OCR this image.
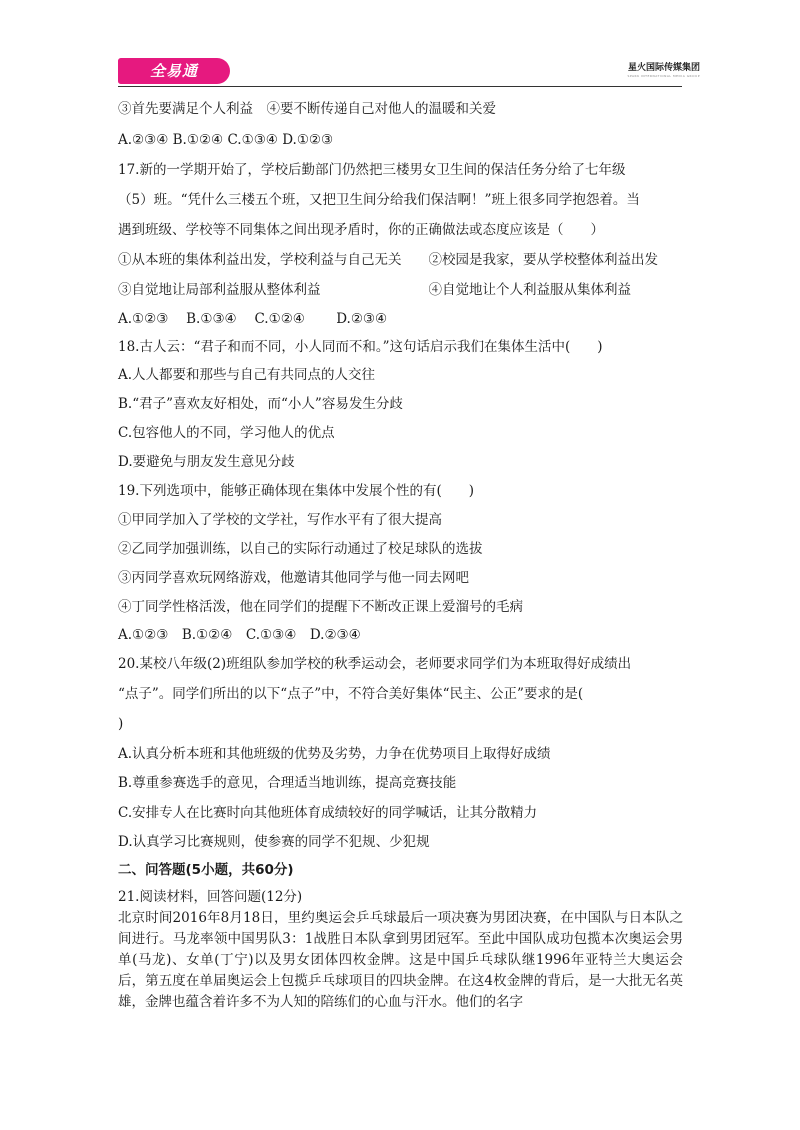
全易通	星火国际传媒集团
SPARK INTERNATIONAL MEDIA GROUP
③首先要满足个人利益　④要不断传递自己对他人的温暖和关爱
A.②③④ B.①②④ C.①③④ D.①②③
17.新的一学期开始了，学校后勤部门仍然把三楼男女卫生间的保洁任务分给了七年级
（5）班。“凭什么三楼五个班，又把卫生间分给我们保洁啊！”班上很多同学抱怨着。当
遇到班级、学校等不同集体之间出现矛盾时，你的正确做法或态度应该是（　　）
①从本班的集体利益出发，学校利益与自己无关　　②校园是我家，要从学校整体利益出发
③自觉地让局部利益服从整体利益　　　　　　　　④自觉地让个人利益服从集体利益
A.①②③　 B.①③④　 C.①②④　　 D.②③④
18.古人云：“君子和而不同，小人同而不和。”这句话启示我们在集体生活中(　　)
A.人人都要和那些与自己有共同点的人交往
B.“君子”喜欢友好相处，而“小人”容易发生分歧
C.包容他人的不同，学习他人的优点
D.要避免与朋友发生意见分歧
19.下列选项中，能够正确体现在集体中发展个性的有(　　)
①甲同学加入了学校的文学社，写作水平有了很大提高
②乙同学加强训练，以自己的实际行动通过了校足球队的选拔
③丙同学喜欢玩网络游戏，他邀请其他同学与他一同去网吧
④丁同学性格活泼，他在同学们的提醒下不断改正课上爱溜号的毛病
A.①②③　B.①②④　C.①③④　D.②③④
20.某校八年级(2)班组队参加学校的秋季运动会，老师要求同学们为本班取得好成绩出
“点子”。同学们所出的以下“点子”中，不符合美好集体“民主、公正”要求的是(
)
A.认真分析本班和其他班级的优势及劣势，力争在优势项目上取得好成绩
B.尊重参赛选手的意见，合理适当地训练，提高竞赛技能
C.安排专人在比赛时向其他班体育成绩较好的同学喊话，让其分散精力
D.认真学习比赛规则，使参赛的同学不犯规、少犯规
二、问答题(5小题，共60分)
21.阅读材料，回答问题(12分)
北京时间2016年8月18日，里约奥运会乒乓球最后一项决赛为男团决赛，在中国队与日本队之间进行。马龙率领中国男队3：1战胜日本队拿到男团冠军。至此中国队成功包揽本次奥运会男单(马龙)、女单(丁宁)以及男女团体四枚金牌。这是中国乒乓球队继1996年亚特兰大奥运会后，第五度在单届奥运会上包揽乒乓球项目的四块金牌。在这4枚金牌的背后，是一大批无名英雄，金牌也蕴含着许多不为人知的陪练们的心血与汗水。他们的名字
